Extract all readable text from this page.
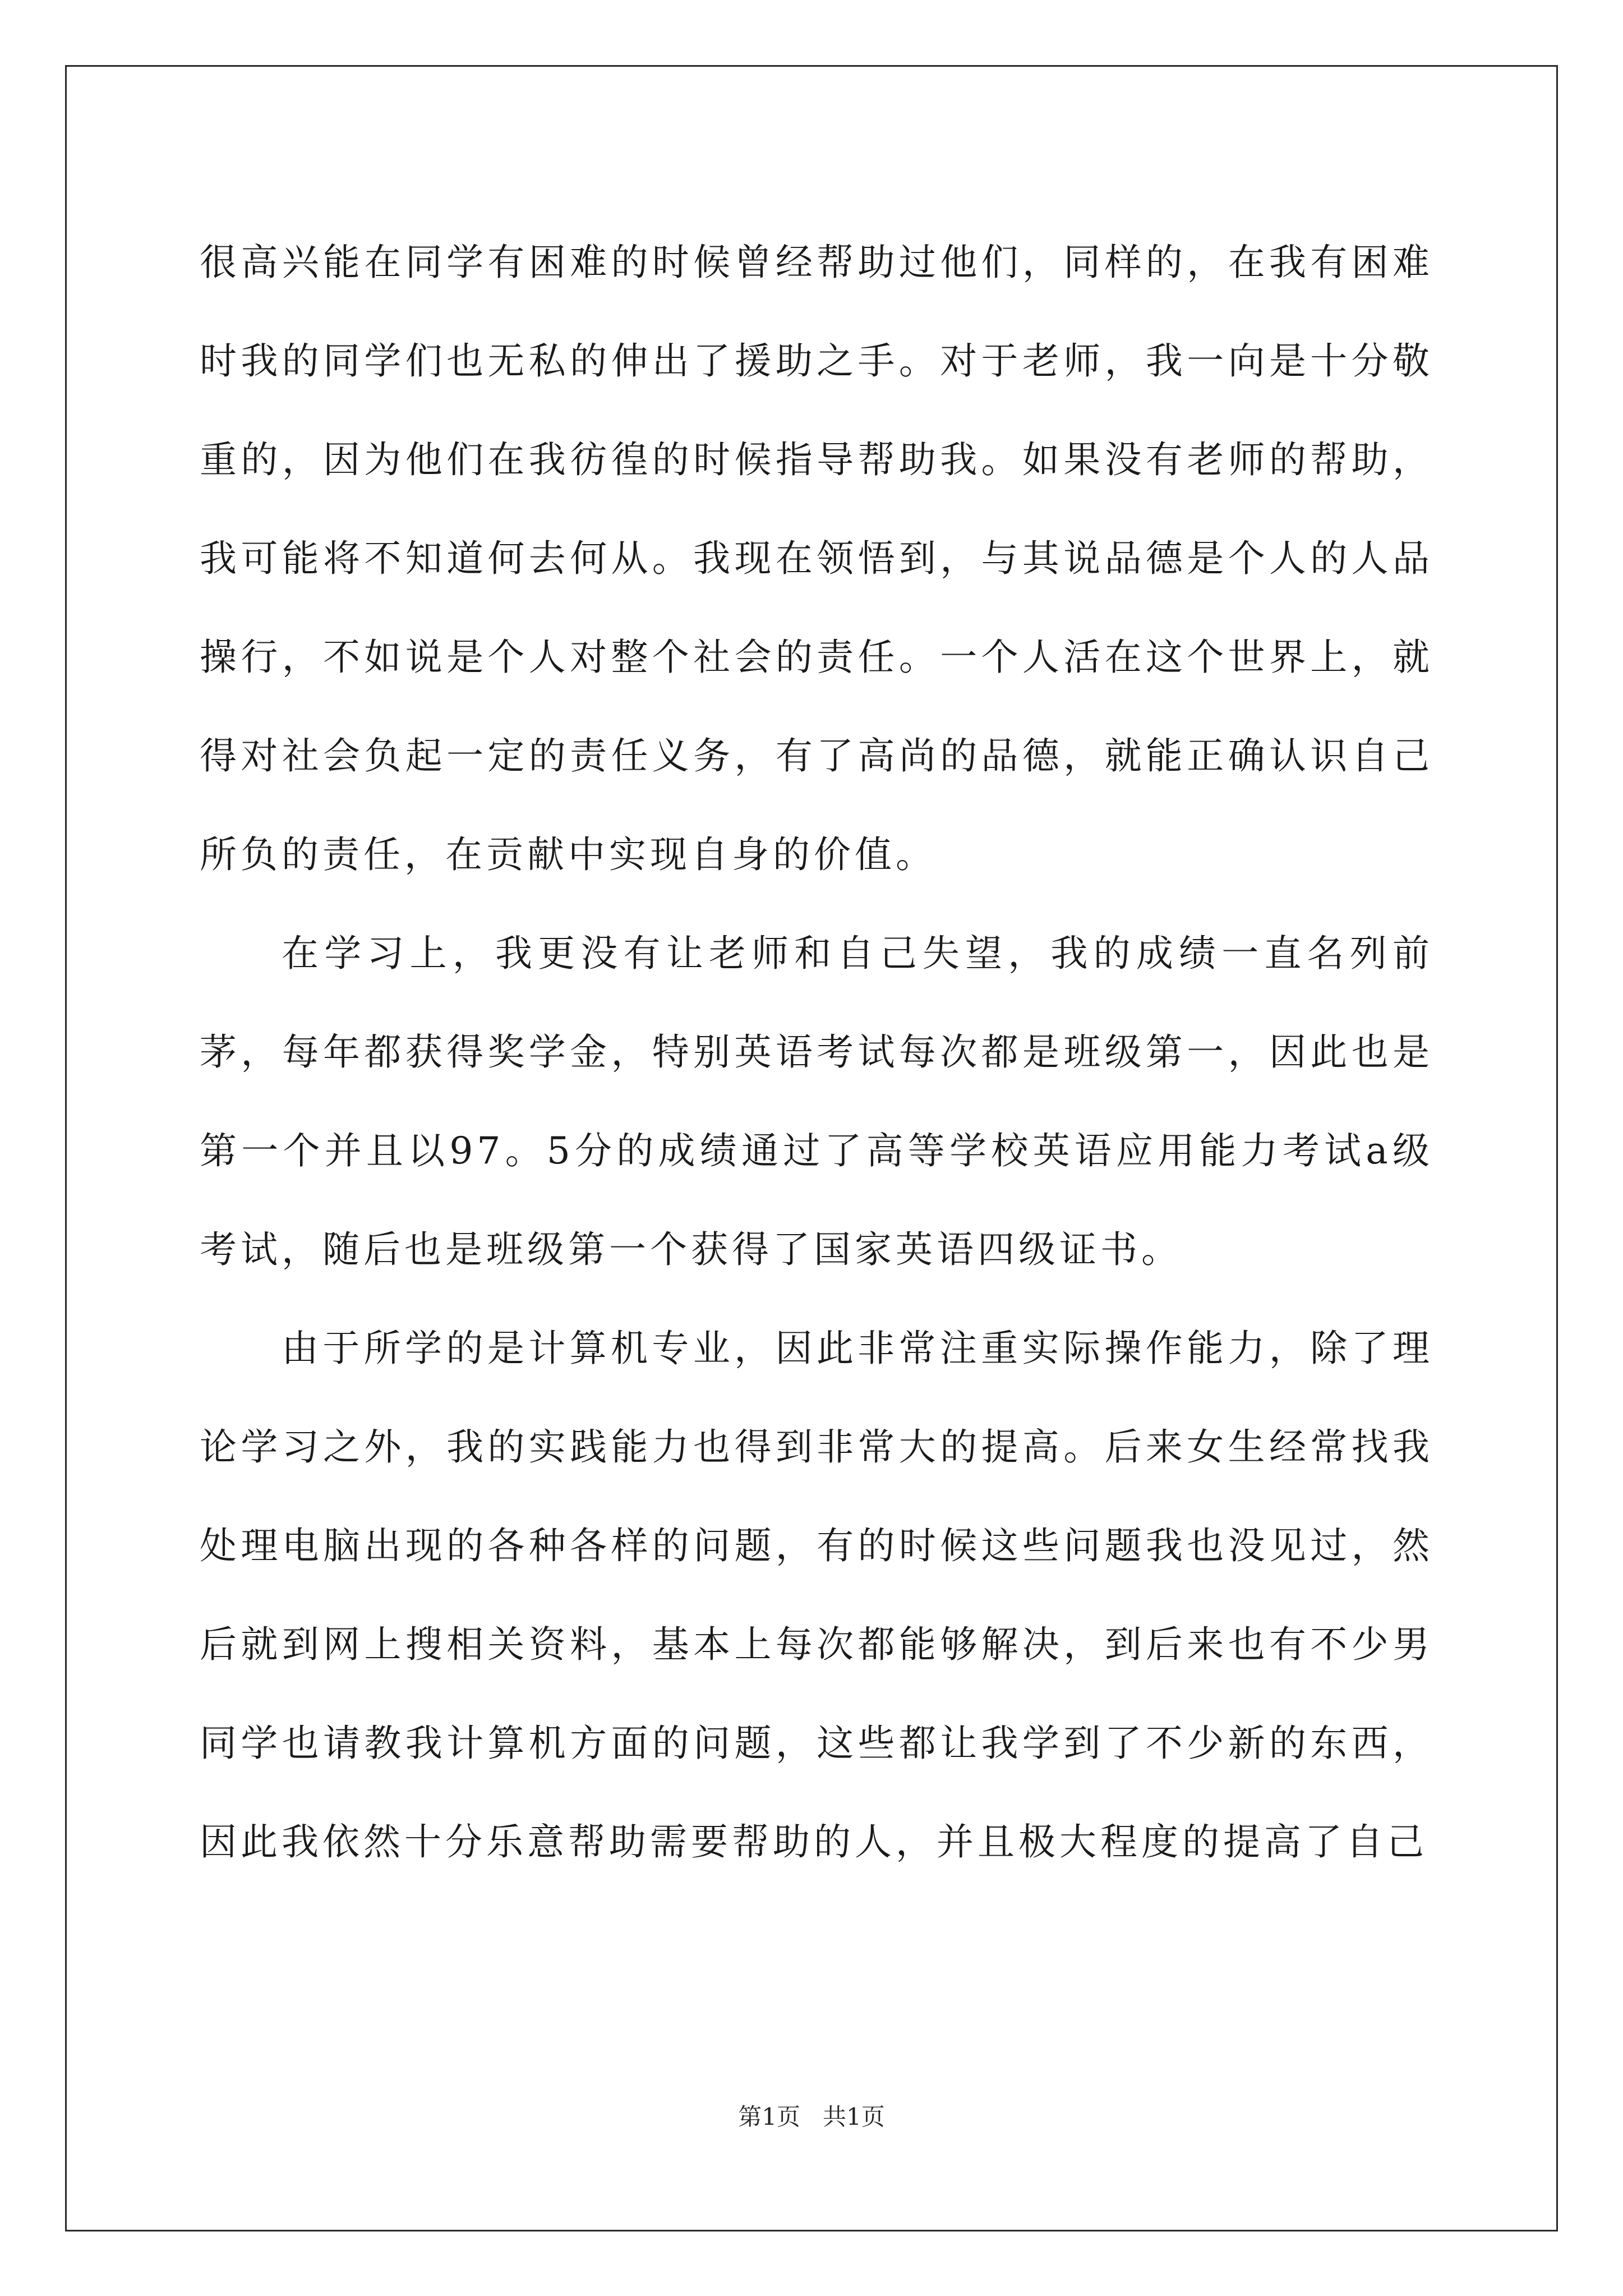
很高兴能在同学有困难的时候曾经帮助过他们，同样的，在我有困难时我的同学们也无私的伸出了援助之手。对于老师，我一向是十分敬重的，因为他们在我彷徨的时候指导帮助我。如果没有老师的帮助，我可能将不知道何去何从。我现在领悟到，与其说品德是个人的人品操行，不如说是个人对整个社会的责任。一个人活在这个世界上，就得对社会负起一定的责任义务，有了高尚的品德，就能正确认识自己所负的责任，在贡献中实现自身的价值。

在学习上，我更没有让老师和自己失望，我的成绩一直名列前茅，每年都获得奖学金，特别英语考试每次都是班级第一，因此也是第一个并且以97。5分的成绩通过了高等学校英语应用能力考试a级考试，随后也是班级第一个获得了国家英语四级证书。

由于所学的是计算机专业，因此非常注重实际操作能力，除了理论学习之外，我的实践能力也得到非常大的提高。后来女生经常找我处理电脑出现的各种各样的问题，有的时候这些问题我也没见过，然后就到网上搜相关资料，基本上每次都能够解决，到后来也有不少男同学也请教我计算机方面的问题，这些都让我学到了不少新的东西，因此我依然十分乐意帮助需要帮助的人，并且极大程度的提高了自己

第1页 共1页
